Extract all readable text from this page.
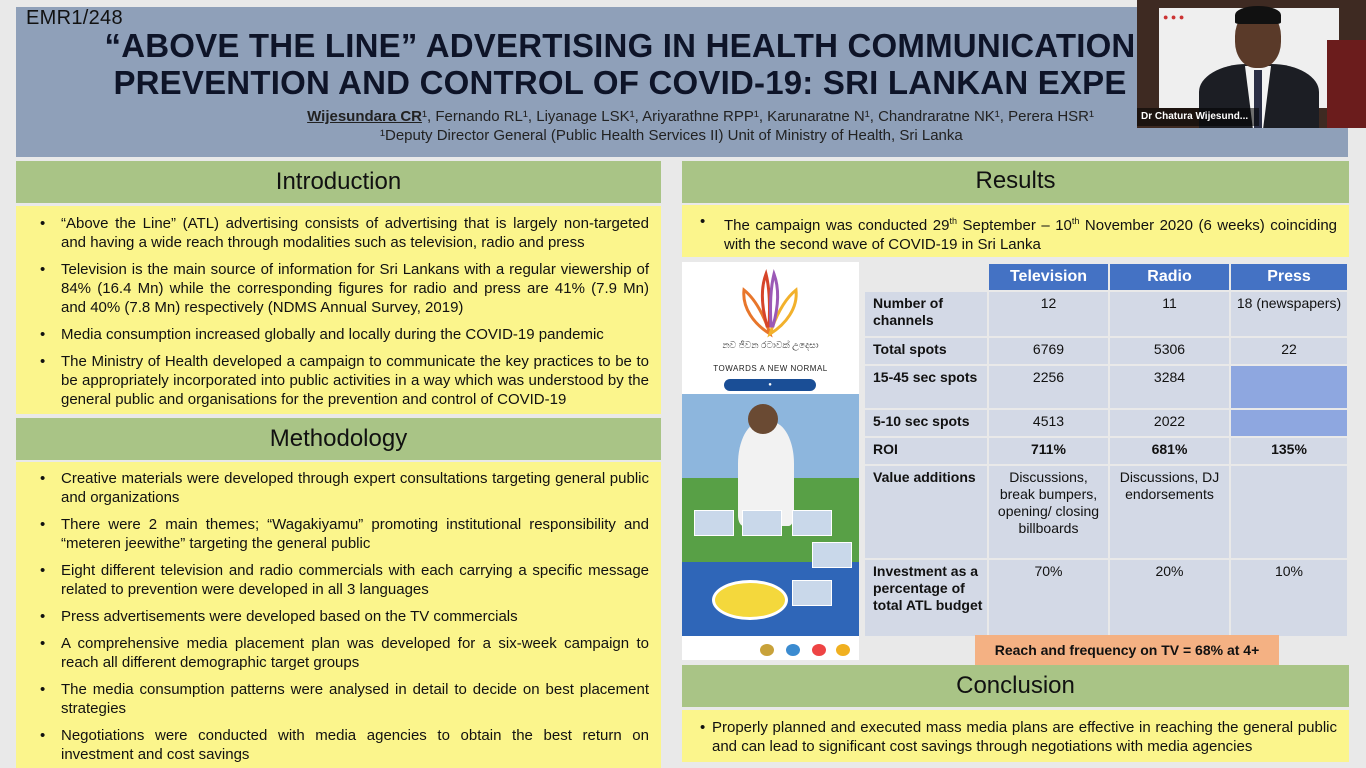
EMR1/248
“ABOVE THE LINE” ADVERTISING IN HEALTH COMMUNICATION
PREVENTION AND CONTROL OF COVID-19: SRI LANKAN EXPE
Wijesundara CR¹, Fernando RL¹, Liyanage LSK¹, Ariyarathne RPP¹, Karunaratne N¹, Chandraratne NK¹, Perera HSR¹
¹Deputy Director General (Public Health Services II) Unit of Ministry of Health, Sri Lanka
● ● ●
Dr Chatura Wijesund...
Introduction
• “Above the Line” (ATL) advertising consists of advertising that is largely non-targeted and having a wide reach through modalities such as television, radio and press
• Television is the main source of information for Sri Lankans with a regular viewership of 84% (16.4 Mn) while the corresponding figures for radio and press are 41% (7.9 Mn) and 40% (7.8 Mn) respectively (NDMS Annual Survey, 2019)
• Media consumption increased globally and locally during the COVID-19 pandemic
• The Ministry of Health developed a campaign to communicate the key practices to be to be appropriately incorporated into public activities in a way which was understood by the general public and organisations for the prevention and control of COVID-19
Methodology
• Creative materials were developed through expert consultations targeting general public and organizations
• There were 2 main themes; “Wagakiyamu” promoting institutional responsibility and “meteren jeewithe” targeting the general public
• Eight different television and radio commercials with each carrying a specific message related to prevention were developed in all 3 languages
• Press advertisements were developed based on the TV commercials
• A comprehensive media placement plan was developed for a six-week campaign to reach all different demographic target groups
• The media consumption patterns were analysed in detail to decide on best placement strategies
• Negotiations were conducted with media agencies to obtain the best return on investment and cost savings
Results
• The campaign was conducted 29th September – 10th November 2020 (6 weeks) coinciding with the second wave of COVID-19 in Sri Lanka
නව ජීවන රටාවක් උදෙසා
TOWARDS A NEW NORMAL
●
	Television	Radio	Press
Number of channels	12	11	18 (newspapers)
Total spots	6769	5306	22
15-45 sec spots	2256	3284	
5-10 sec spots	4513	2022	
ROI	711%	681%	135%
Value additions	Discussions, break bumpers, opening/ closing billboards	Discussions, DJ endorsements	
Investment as a percentage of total ATL budget	70%	20%	10%
Reach and frequency on TV = 68% at 4+
Conclusion
• Properly planned and executed mass media plans are effective in reaching the general public and can lead to significant cost savings through negotiations with media agencies
